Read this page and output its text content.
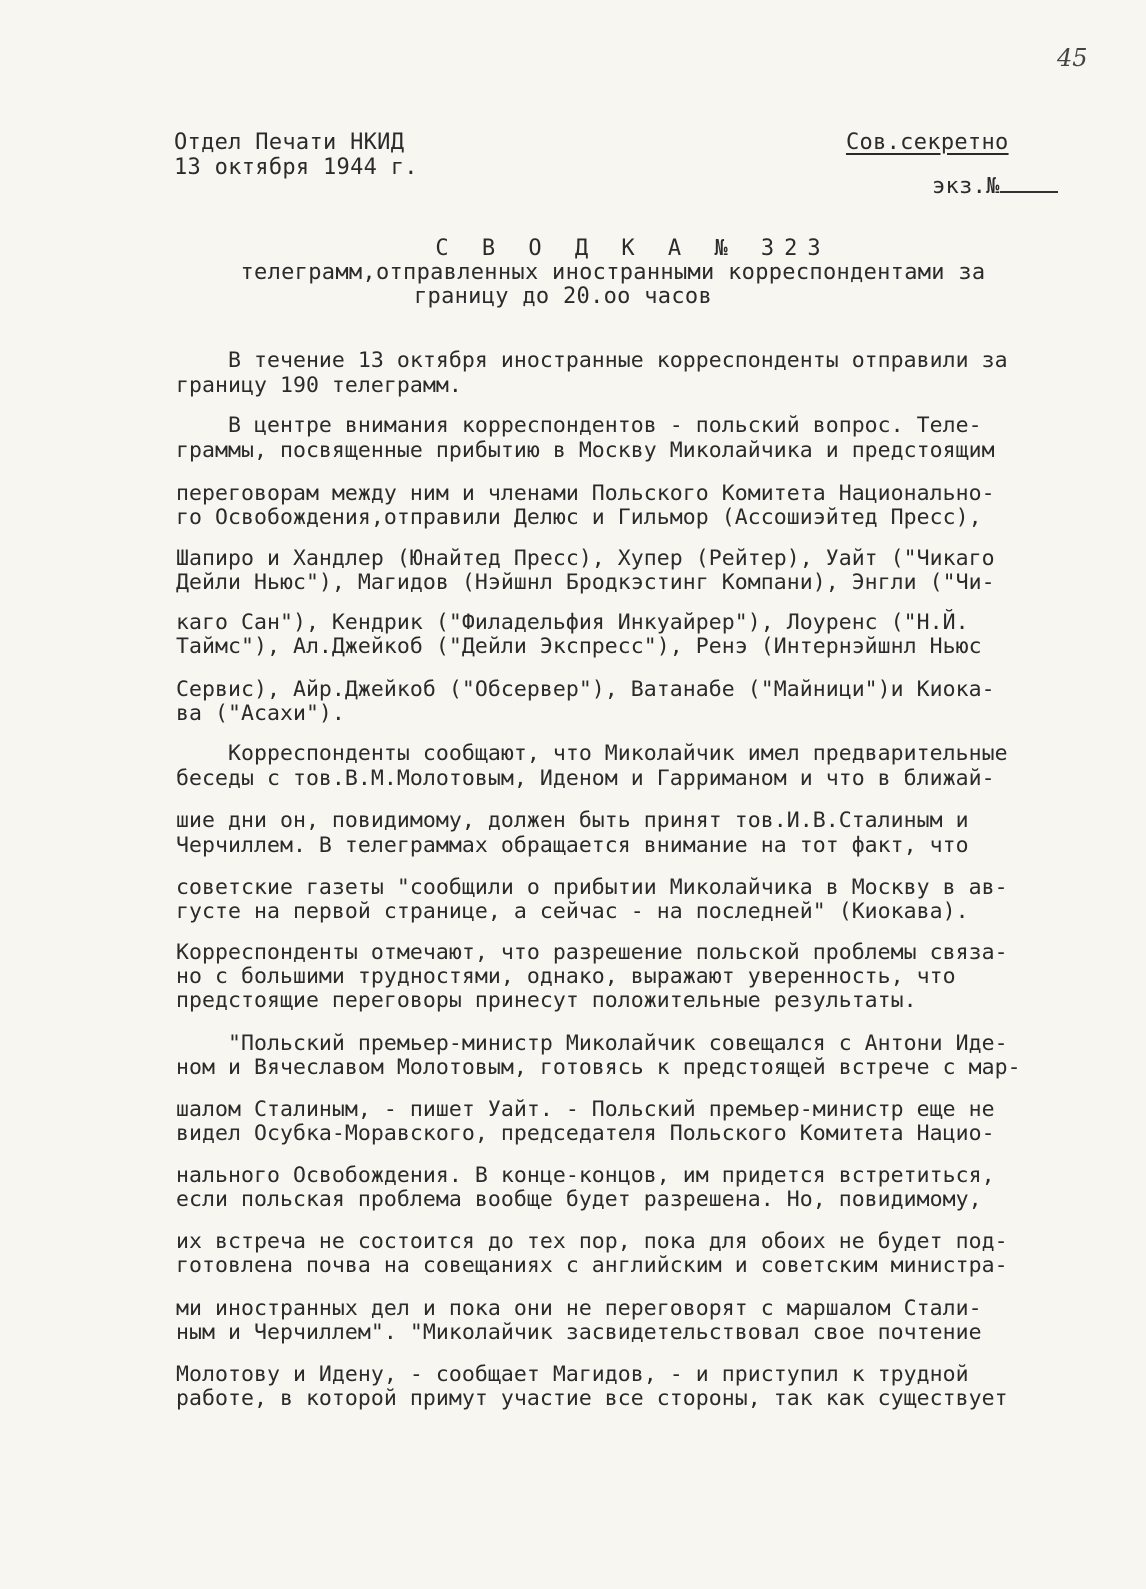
45
Отдел Печати НКИД
13 октября 1944 г.
Сов.секретно
экз.№
С В О Д К А № 323
телеграмм,отправленных иностранными корреспондентами за
границу до 20.оо часов
В течение 13 октября иностранные корреспонденты отправили за
границу 190 телеграмм.
В центре внимания корреспондентов - польский вопрос. Теле-
граммы, посвященные прибытию в Москву Миколайчика и предстоящим
переговорам между ним и членами Польского Комитета Национально-
го Освобождения,отправили Делюс и Гильмор (Ассошиэйтед Пресс),
Шапиро и Хандлер (Юнайтед Пресс), Хупер (Рейтер), Уайт ("Чикаго
Дейли Ньюс"), Магидов (Нэйшнл Бродкэстинг Компани), Энгли ("Чи-
каго Сан"), Кендрик ("Филадельфия Инкуайрер"), Лоуренс ("Н.Й.
Таймс"), Ал.Джейкоб ("Дейли Экспресс"), Ренэ (Интернэйшнл Ньюс
Сервис), Айр.Джейкоб ("Обсервер"), Ватанабе ("Майници")и Киока-
ва ("Асахи").
Корреспонденты сообщают, что Миколайчик имел предварительные
беседы с тов.В.М.Молотовым, Иденом и Гарриманом и что в ближай-
шие дни он, повидимому, должен быть принят тов.И.В.Сталиным и
Черчиллем. В телеграммах обращается внимание на тот факт, что
советские газеты "сообщили о прибытии Миколайчика в Москву в ав-
густе на первой странице, а сейчас - на последней" (Киокава).
Корреспонденты отмечают, что разрешение польской проблемы связа-
но с большими трудностями, однако, выражают уверенность, что
предстоящие переговоры принесут положительные результаты.
"Польский премьер-министр Миколайчик совещался с Антони Иде-
ном и Вячеславом Молотовым, готовясь к предстоящей встрече с мар-
шалом Сталиным, - пишет Уайт. - Польский премьер-министр еще не
видел Осубка-Моравского, председателя Польского Комитета Нацио-
нального Освобождения. В конце-концов, им придется встретиться,
если польская проблема вообще будет разрешена. Но, повидимому,
их встреча не состоится до тех пор, пока для обоих не будет под-
готовлена почва на совещаниях с английским и советским министра-
ми иностранных дел и пока они не переговорят с маршалом Стали-
ным и Черчиллем". "Миколайчик засвидетельствовал свое почтение
Молотову и Идену, - сообщает Магидов, - и приступил к трудной
работе, в которой примут участие все стороны, так как существует
